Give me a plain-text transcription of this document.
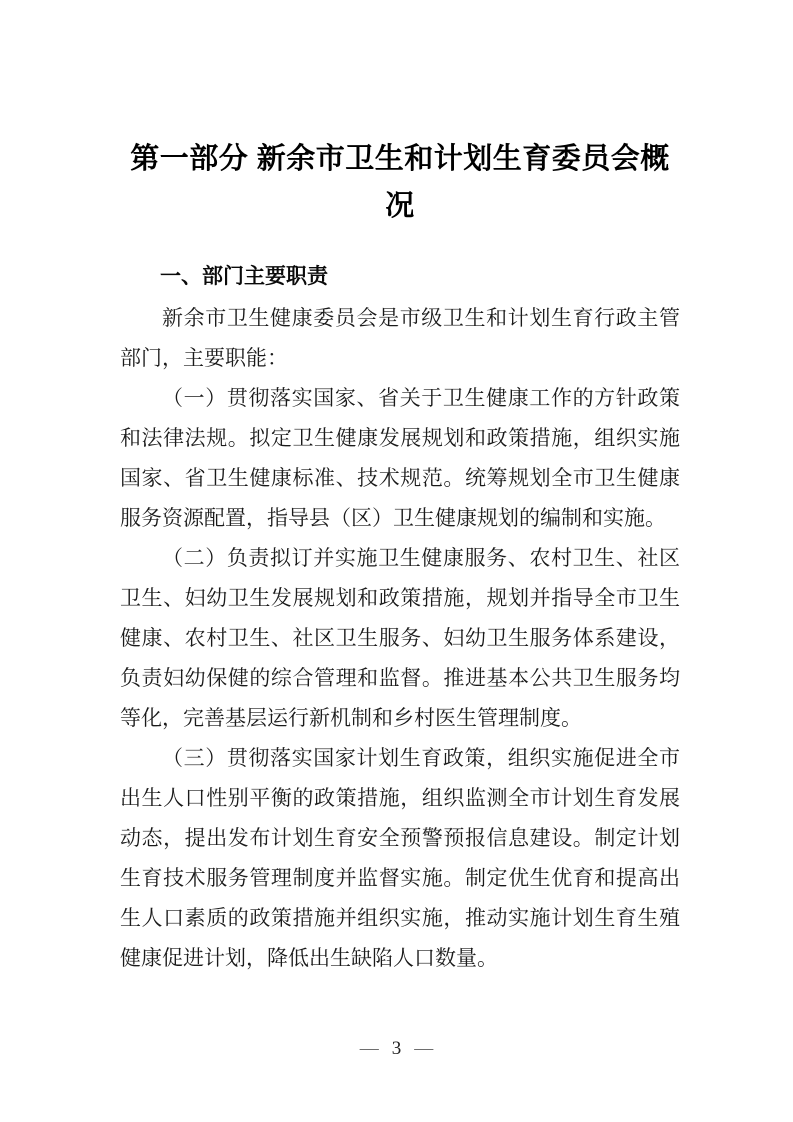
第一部分 新余市卫生和计划生育委员会概
况
一、部门主要职责

新余市卫生健康委员会是市级卫生和计划生育行政主管部门，主要职能：

（一）贯彻落实国家、省关于卫生健康工作的方针政策和法律法规。拟定卫生健康发展规划和政策措施，组织实施国家、省卫生健康标准、技术规范。统筹规划全市卫生健康服务资源配置，指导县（区）卫生健康规划的编制和实施。

（二）负责拟订并实施卫生健康服务、农村卫生、社区卫生、妇幼卫生发展规划和政策措施，规划并指导全市卫生健康、农村卫生、社区卫生服务、妇幼卫生服务体系建设，负责妇幼保健的综合管理和监督。推进基本公共卫生服务均等化，完善基层运行新机制和乡村医生管理制度。

（三）贯彻落实国家计划生育政策，组织实施促进全市出生人口性别平衡的政策措施，组织监测全市计划生育发展动态，提出发布计划生育安全预警预报信息建设。制定计划生育技术服务管理制度并监督实施。制定优生优育和提高出生人口素质的政策措施并组织实施，推动实施计划生育生殖健康促进计划，降低出生缺陷人口数量。

— 3 —
